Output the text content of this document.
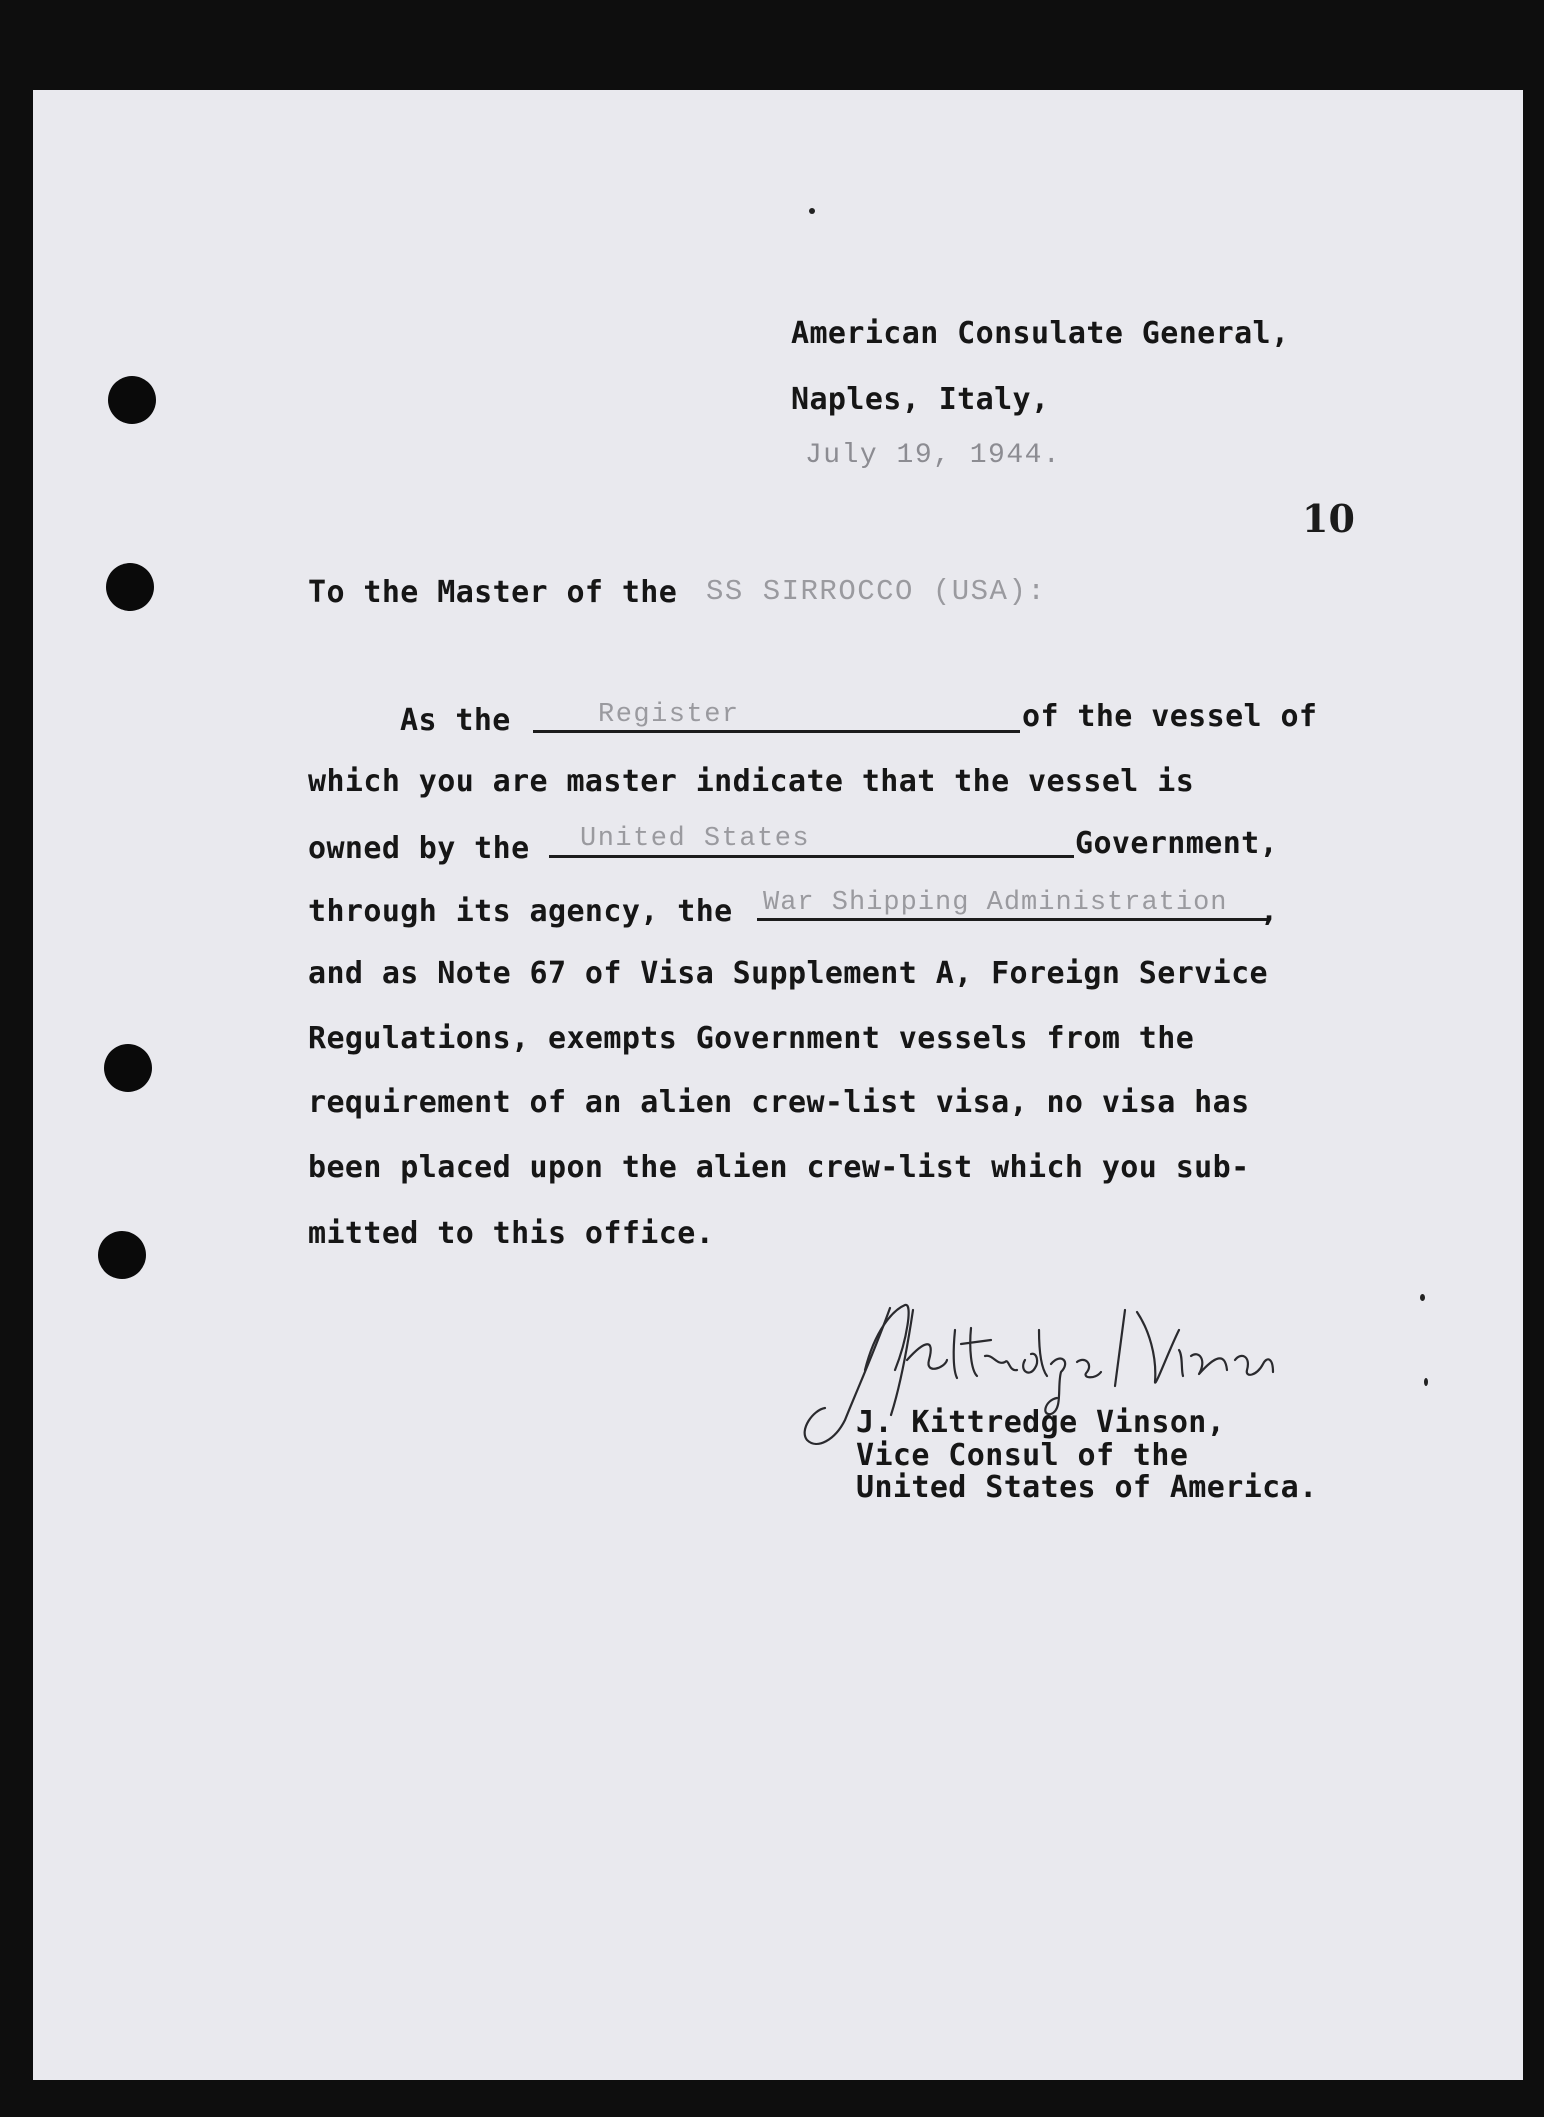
10
American Consulate General,
Naples, Italy,
July 19, 1944.
To the Master of the SS SIRROCCO (USA):
As the	Register	of the vessel of
which you are master indicate that the vessel is
owned by the United States	Government,
through its agency, the War Shipping Administration ,
and as Note 67 of Visa Supplement A, Foreign Service
Regulations, exempts Government vessels from the
requirement of an alien crew-list visa, no visa has
been placed upon the alien crew-list which you sub-
mitted to this office.
J. Kittredge Vinson,
Vice Consul of the
United States of America.
